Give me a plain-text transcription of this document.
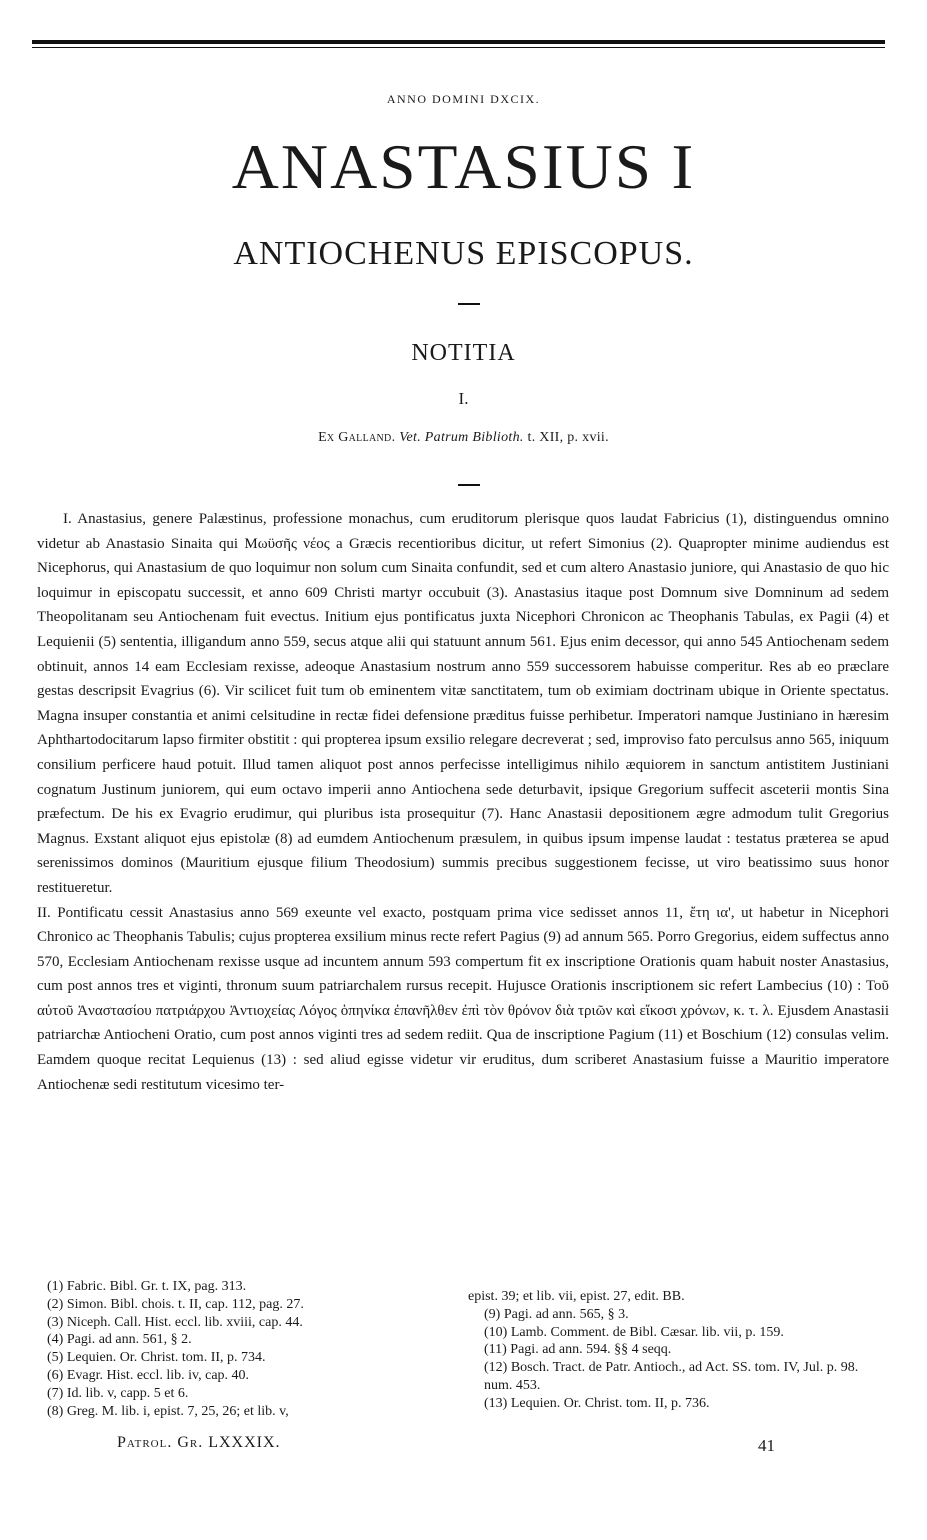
ANNO DOMINI DXCIX.
ANASTASIUS I
ANTIOCHENUS EPISCOPUS.
NOTITIA
I.
Ex Galland. Vet. Patrum Biblioth. t. XII, p. xvii.

I. Anastasius, genere Palæstinus, professione monachus, cum eruditorum plerisque quos laudat Fabricius (1), distinguendus omnino videtur ab Anastasio Sinaita qui Μωϋσῆς νέος a Græcis recentioribus dicitur, ut refert Simonius (2). Quapropter minime audiendus est Nicephorus, qui Anastasium de quo loquimur non solum cum Sinaita confundit, sed et cum altero Anastasio juniore, qui Anastasio de quo hic loquimur in episcopatu successit, et anno 609 Christi martyr occubuit (3). Anastasius itaque post Domnum sive Domninum ad sedem Theopolitanam seu Antiochenam fuit evectus. Initium ejus pontificatus juxta Nicephori Chronicon ac Theophanis Tabulas, ex Pagii (4) et Lequienii (5) sententia, illigandum anno 559, secus atque alii qui statuunt annum 561. Ejus enim decessor, qui anno 545 Antiochenam sedem obtinuit, annos 14 eam Ecclesiam rexisse, adeoque Anastasium nostrum anno 559 successorem habuisse comperitur. Res ab eo præclare gestas descripsit Evagrius (6). Vir scilicet fuit tum ob eminentem vitæ sanctitatem, tum ob eximiam doctrinam ubique in Oriente spectatus. Magna insuper constantia et animi celsitudine in rectæ fidei defensione præditus fuisse perhibetur. Imperatori namque Justiniano in hæresim Aphthartodocitarum lapso firmiter obstitit : qui propterea ipsum exsilio relegare decreverat ; sed, improviso fato perculsus anno 565, iniquum consilium perficere haud potuit. Illud tamen aliquot post annos perfecisse intelligimus nihilo æquiorem in sanctum antistitem Justiniani cognatum Justinum juniorem, qui eum octavo imperii anno Antiochena sede deturbavit, ipsique Gregorium suffecit asceterii montis Sina præfectum. De his ex Evagrio erudimur, qui pluribus ista prosequitur (7). Hanc Anastasii depositionem ægre admodum tulit Gregorius Magnus. Exstant aliquot ejus epistolæ (8) ad eumdem Antiochenum præsulem, in quibus ipsum impense laudat : testatus præterea se apud serenissimos dominos (Mauritium ejusque filium Theodosium) summis precibus suggestionem fecisse, ut viro beatissimo suus honor restitueretur.

II. Pontificatu cessit Anastasius anno 569 exeunte vel exacto, postquam prima vice sedisset annos 11, ἔτη ια', ut habetur in Nicephori Chronico ac Theophanis Tabulis; cujus propterea exsilium minus recte refert Pagius (9) ad annum 565. Porro Gregorius, eidem suffectus anno 570, Ecclesiam Antiochenam rexisse usque ad incuntem annum 593 compertum fit ex inscriptione Orationis quam habuit noster Anastasius, cum post annos tres et viginti, thronum suum patriarchalem rursus recepit. Hujusce Orationis inscriptionem sic refert Lambecius (10) : Τοῦ αὐτοῦ Ἀναστασίου πατριάρχου Ἀντιοχείας Λόγος ὁπηνίκα ἐπανῆλθεν ἐπὶ τὸν θρόνον διὰ τριῶν καὶ εἴκοσι χρόνων, κ. τ. λ. Ejusdem Anastasii patriarchæ Antiocheni Oratio, cum post annos viginti tres ad sedem rediit. Qua de inscriptione Pagium (11) et Boschium (12) consulas velim. Eamdem quoque recitat Lequienus (13) : sed aliud egisse videtur vir eruditus, dum scriberet Anastasium fuisse a Mauritio imperatore Antiochenæ sedi restitutum vicesimo ter-

(1) Fabric. Bibl. Gr. t. IX, pag. 313.

(2) Simon. Bibl. chois. t. II, cap. 112, pag. 27.

(3) Niceph. Call. Hist. eccl. lib. xviii, cap. 44.

(4) Pagi. ad ann. 561, § 2.

(5) Lequien. Or. Christ. tom. II, p. 734.

(6) Evagr. Hist. eccl. lib. iv, cap. 40.

(7) Id. lib. v, capp. 5 et 6.

(8) Greg. M. lib. i, epist. 7, 25, 26; et lib. v,

epist. 39; et lib. vii, epist. 27, edit. BB.

(9) Pagi. ad ann. 565, § 3.

(10) Lamb. Comment. de Bibl. Cæsar. lib. vii, p. 159.

(11) Pagi. ad ann. 594. §§ 4 seqq.

(12) Bosch. Tract. de Patr. Antioch., ad Act. SS. tom. IV, Jul. p. 98. num. 453.

(13) Lequien. Or. Christ. tom. II, p. 736.

Patrol. Gr. LXXXIX.	41
